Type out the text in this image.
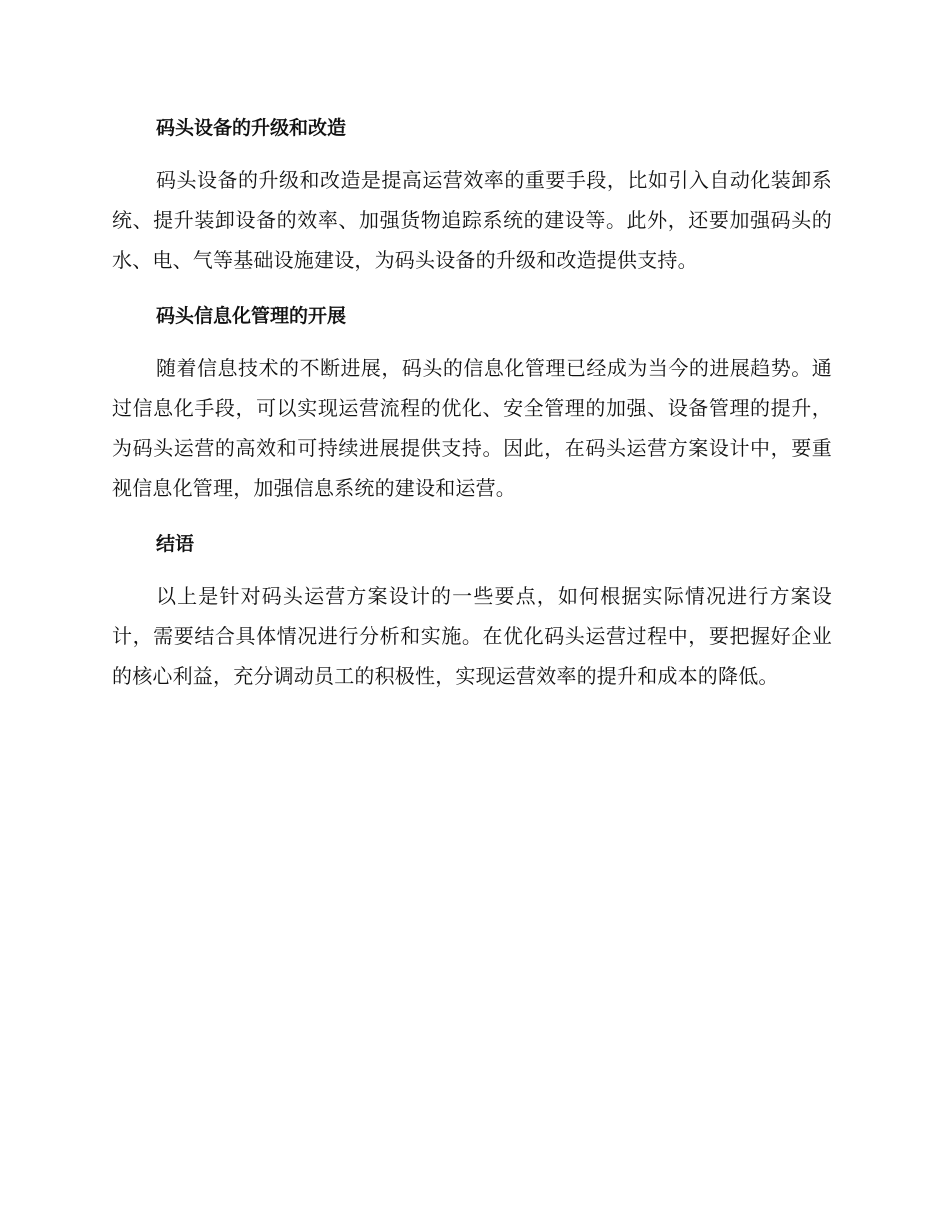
码头设备的升级和改造

码头设备的升级和改造是提高运营效率的重要手段，比如引入自动化装卸系统、提升装卸设备的效率、加强货物追踪系统的建设等。此外，还要加强码头的水、电、气等基础设施建设，为码头设备的升级和改造提供支持。

码头信息化管理的开展

随着信息技术的不断进展，码头的信息化管理已经成为当今的进展趋势。通过信息化手段，可以实现运营流程的优化、安全管理的加强、设备管理的提升，为码头运营的高效和可持续进展提供支持。因此，在码头运营方案设计中，要重视信息化管理，加强信息系统的建设和运营。

结语

以上是针对码头运营方案设计的一些要点，如何根据实际情况进行方案设计，需要结合具体情况进行分析和实施。在优化码头运营过程中，要把握好企业的核心利益，充分调动员工的积极性，实现运营效率的提升和成本的降低。
